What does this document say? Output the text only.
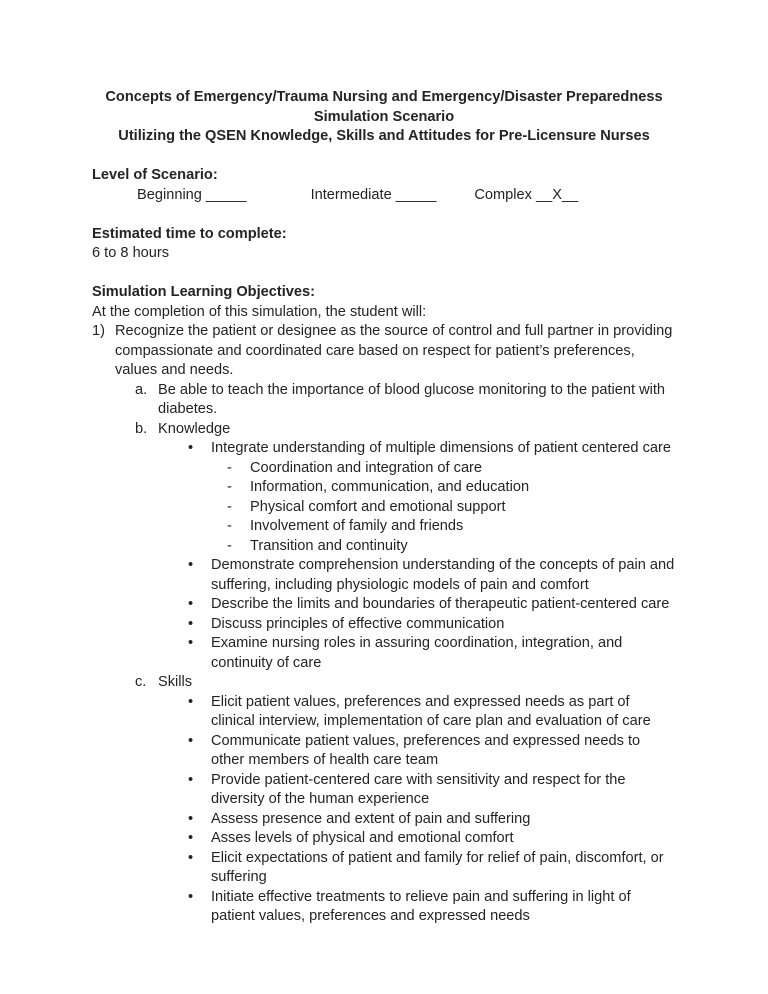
Concepts of Emergency/Trauma Nursing and Emergency/Disaster Preparedness
Simulation Scenario
Utilizing the QSEN Knowledge, Skills and Attitudes for Pre-Licensure Nurses
Level of Scenario:
Beginning _____	Intermediate _____	Complex __X__
Estimated time to complete:
6 to 8 hours
Simulation Learning Objectives:
At the completion of this simulation, the student will:
1) Recognize the patient or designee as the source of control and full partner in providing compassionate and coordinated care based on respect for patient’s preferences, values and needs.
a. Be able to teach the importance of blood glucose monitoring to the patient with diabetes.
b. Knowledge
•	Integrate understanding of multiple dimensions of patient centered care
-	Coordination and integration of care
-	Information, communication, and education
-	Physical comfort and emotional support
-	Involvement of family and friends
-	Transition and continuity
•	Demonstrate comprehension understanding of the concepts of pain and suffering, including physiologic models of pain and comfort
•	Describe the limits and boundaries of therapeutic patient-centered care
•	Discuss principles of effective communication
•	Examine nursing roles in assuring coordination, integration, and continuity of care
c. Skills
•	Elicit patient values, preferences and expressed needs as part of clinical interview, implementation of care plan and evaluation of care
•	Communicate patient values, preferences and expressed needs to other members of health care team
•	Provide patient-centered care with sensitivity and respect for the diversity of the human experience
•	Assess presence and extent of pain and suffering
•	Asses levels of physical and emotional comfort
•	Elicit expectations of patient and family for relief of pain, discomfort, or suffering
•	Initiate effective treatments to relieve pain and suffering in light of patient values, preferences and expressed needs
